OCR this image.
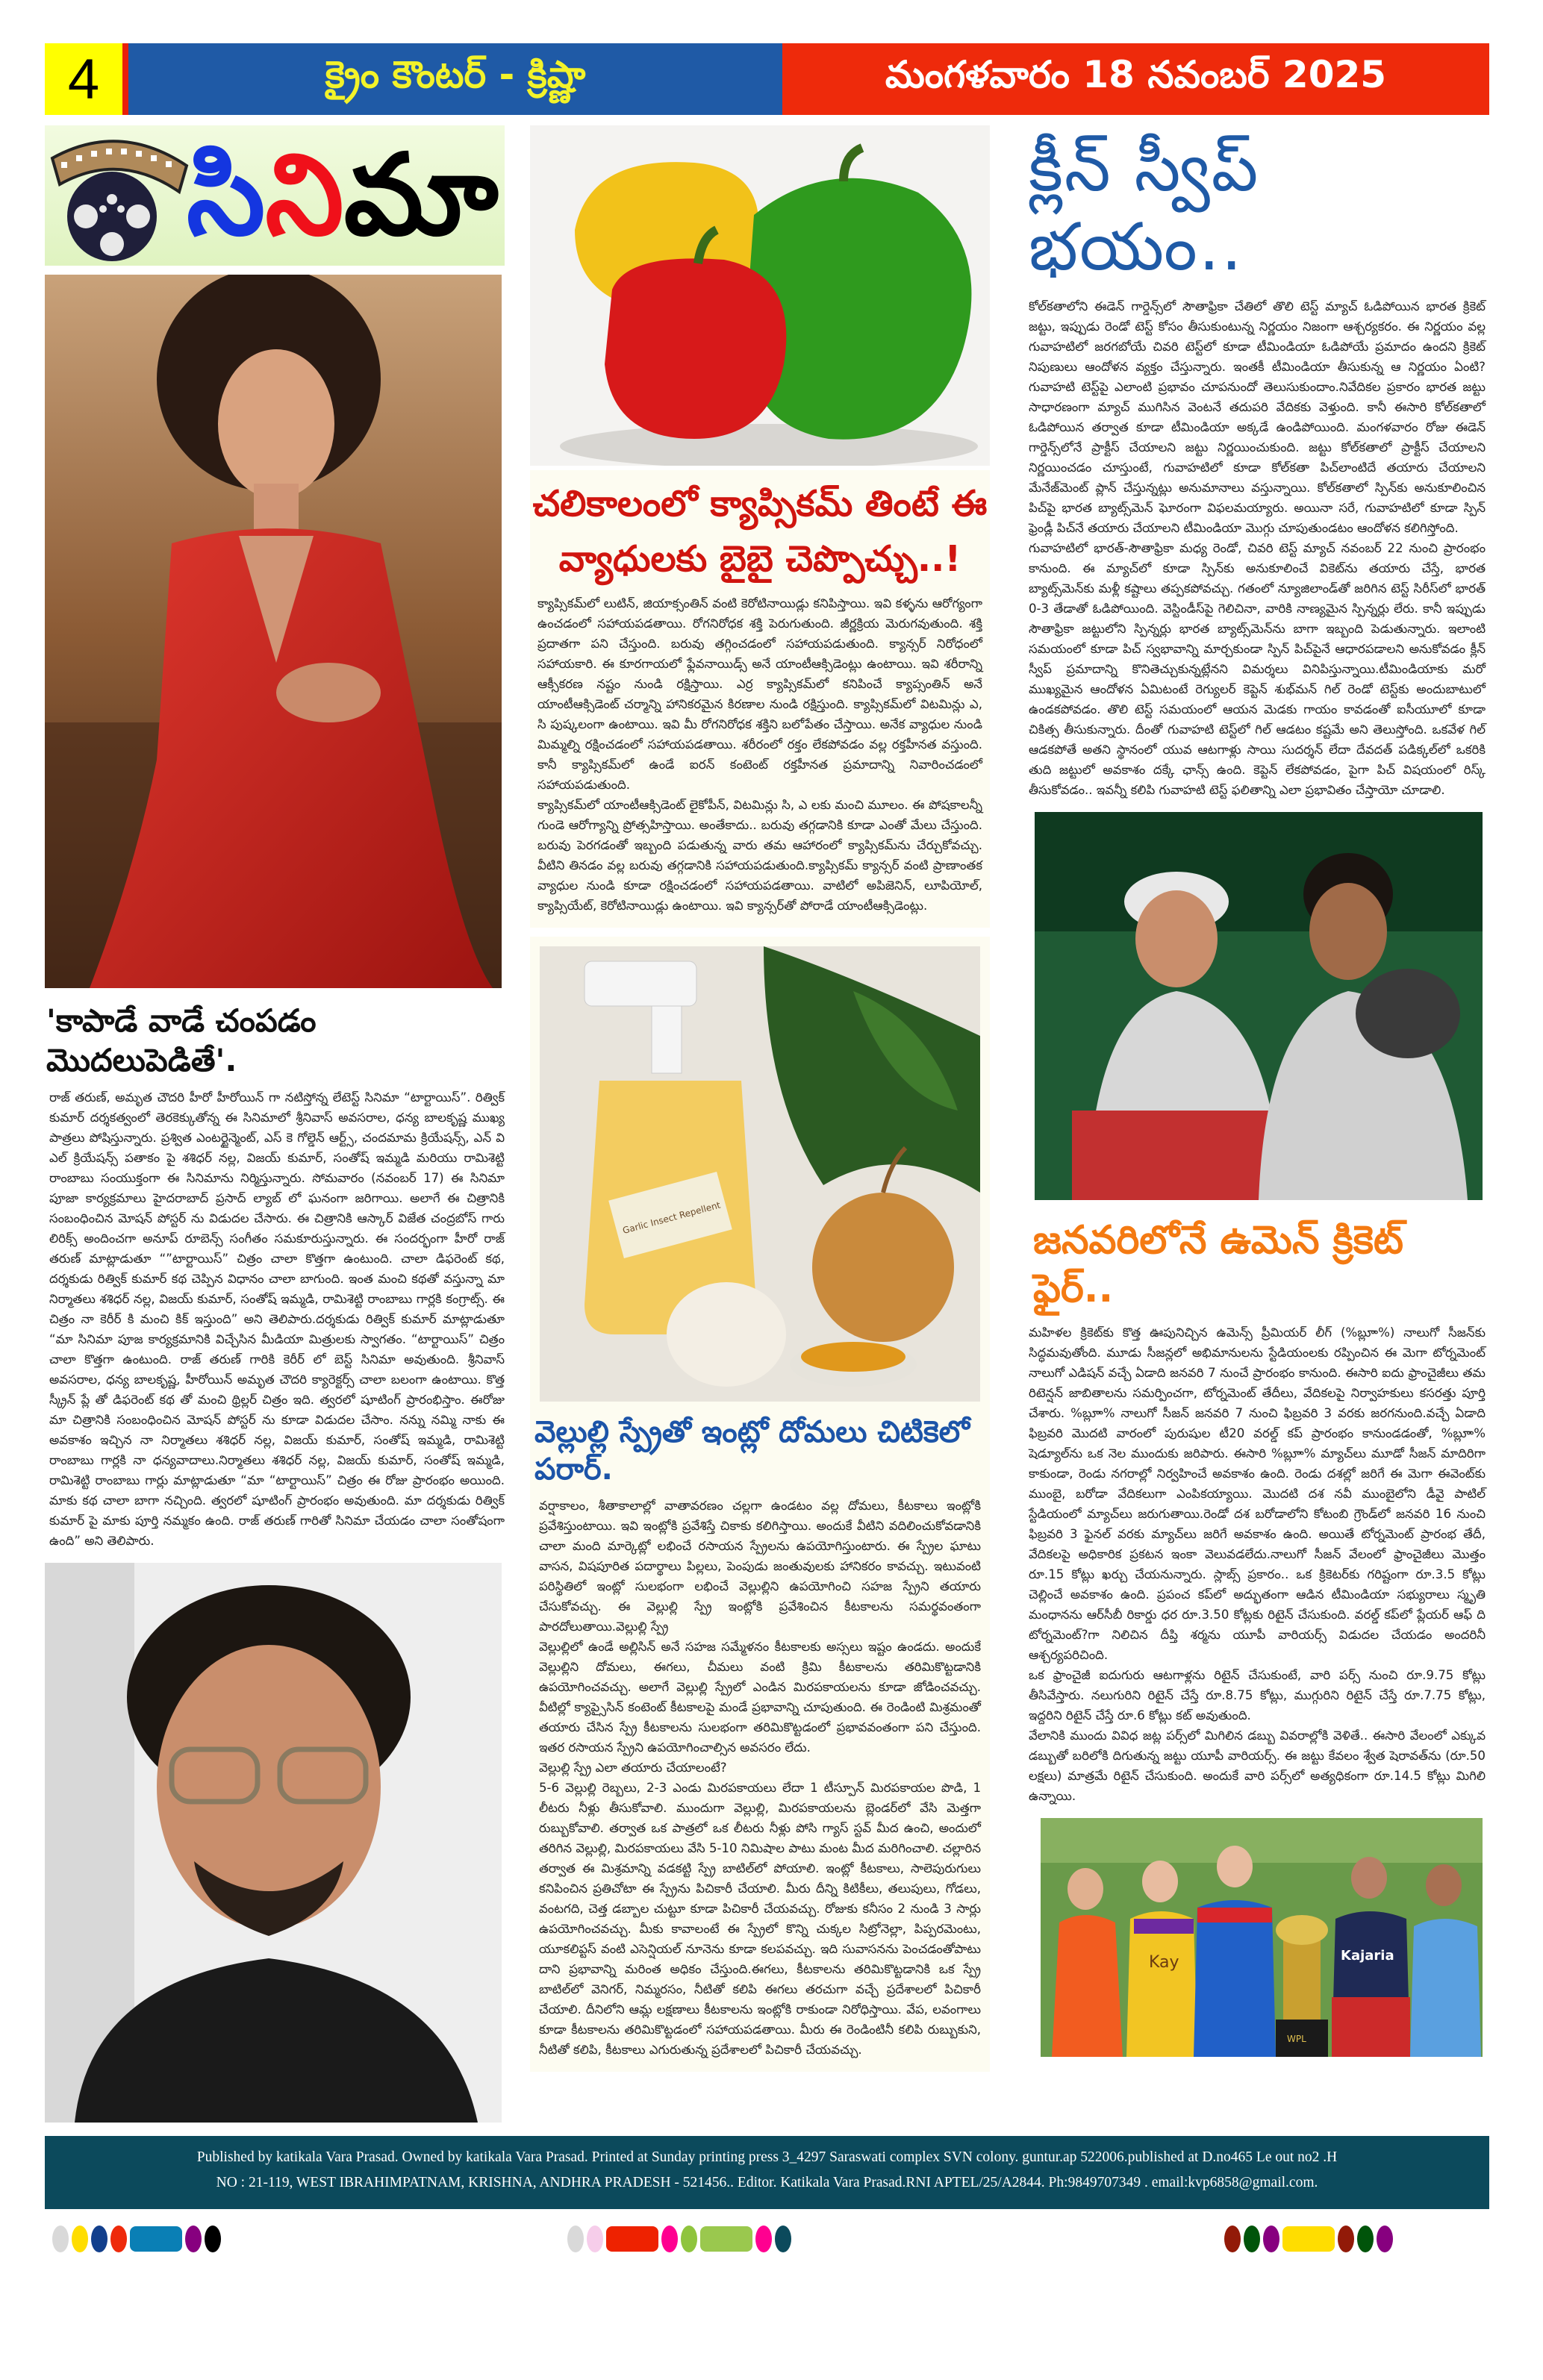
4	క్రైం కౌంటర్ - క్రిష్ణా	మంగళవారం 18 నవంబర్ 2025
సి ని మా
'కాపాడే వాడే చంపడం మొదలుపెడితే'.

రాజ్ తరుణ్, అమృత చౌదరి హీరో హీరోయిన్ గా నటిస్తోన్న లేటెస్ట్ సినిమా “టార్టాయిస్”. రిత్విక్ కుమార్ దర్శకత్వంలో తెరకెక్కుతోన్న ఈ సినిమాలో శ్రీనివాస్ అవసరాల, ధన్య బాలకృష్ణ ముఖ్య పాత్రలు పోషిస్తున్నారు. ప్రశ్విత ఎంటర్టైన్మెంట్, ఎస్ కె గోల్డెన్ ఆర్ట్స్, చందమామ క్రియేషన్స్, ఎన్ వి ఎల్ క్రియేషన్స్ పతాకం పై శశిధర్ నల్ల, విజయ్ కుమార్, సంతోష్ ఇమ్మడి మరియు రామిశెట్టి రాంబాబు సంయుక్తంగా ఈ సినిమాను నిర్మిస్తున్నారు. సోమవారం (నవంబర్ 17) ఈ సినిమా పూజా కార్యక్రమాలు హైదరాబాద్ ప్రసాద్ ల్యాబ్ లో ఘనంగా జరిగాయి. అలాగే ఈ చిత్రానికి సంబంధించిన మోషన్ పోస్టర్ ను విడుదల చేసారు. ఈ చిత్రానికి ఆస్కార్ విజేత చంద్రబోస్ గారు లిరిక్స్ అందించగా అనూప్ రూబెన్స్ సంగీతం సమకూరుస్తున్నారు. ఈ సందర్భంగా హీరో రాజ్ తరుణ్ మాట్లాడుతూ “”టార్టాయిస్” చిత్రం చాలా కొత్తగా ఉంటుంది. చాలా డిఫరెంట్ కథ, దర్శకుడు రిత్విక్ కుమార్ కథ చెప్పిన విధానం చాలా బాగుంది. ఇంత మంచి కథతో వస్తున్నా మా నిర్మాతలు శశిధర్ నల్ల, విజయ్ కుమార్, సంతోష్ ఇమ్మడి, రామిశెట్టి రాంబాబు గార్లకి కంగ్రాట్స్. ఈ చిత్రం నా కెరీర్ కి మంచి కిక్ ఇస్తుంది” అని తెలిపారు.దర్శకుడు రిత్విక్ కుమార్ మాట్లాడుతూ “మా సినిమా పూజ కార్యక్రమానికి విచ్చేసిన మీడియా మిత్రులకు స్వాగతం. “టార్టాయిస్” చిత్రం చాలా కొత్తగా ఉంటుంది. రాజ్ తరుణ్ గారికి కెరీర్ లో బెస్ట్ సినిమా అవుతుంది. శ్రీనివాస్ అవసరాల, ధన్య బాలకృష్ణ, హీరోయిన్ అమృత చౌదరి క్యారెక్టర్స్ చాలా బలంగా ఉంటాయి. కొత్త స్క్రీన్ ప్లే తో డిఫరెంట్ కథ తో మంచి థ్రిల్లర్ చిత్రం ఇది. త్వరలో షూటింగ్ ప్రారంభిస్తాం. ఈరోజు మా చిత్రానికి సంబంధించిన మోషన్ పోస్టర్ ను కూడా విడుదల చేసాం. నన్ను నమ్మి నాకు ఈ అవకాశం ఇచ్చిన నా నిర్మాతలు శశిధర్ నల్ల, విజయ్ కుమార్, సంతోష్ ఇమ్మడి, రామిశెట్టి రాంబాబు గార్లకి నా ధన్యవాదాలు.నిర్మాతలు శశిధర్ నల్ల, విజయ్ కుమార్, సంతోష్ ఇమ్మడి, రామిశెట్టి రాంబాబు గార్లు మాట్లాడుతూ “మా “టార్టాయిస్” చిత్రం ఈ రోజు ప్రారంభం అయింది. మాకు కథ చాలా బాగా నచ్చింది. త్వరలో షూటింగ్ ప్రారంభం అవుతుంది. మా దర్శకుడు రిత్విక్ కుమార్ పై మాకు పూర్తి నమ్మకం ఉంది. రాజ్ తరుణ్ గారితో సినిమా చేయడం చాలా సంతోషంగా ఉంది” అని తెలిపారు.

చలికాలంలో క్యాప్సికమ్ తింటే ఈ
వ్యాధులకు బైబై చెప్పొచ్చు..!

క్యాప్సికమ్‌లో లుటిన్, జియాక్సంతిన్ వంటి కెరోటినాయిడ్లు కనిపిస్తాయి. ఇవి కళ్ళను ఆరోగ్యంగా ఉంచడంలో సహాయపడతాయి. రోగనిరోధక శక్తి పెరుగుతుంది. జీర్ణక్రియ మెరుగవుతుంది. శక్తి ప్రదాతగా పని చేస్తుంది. బరువు తగ్గించడంలో సహాయపడుతుంది. క్యాన్సర్ నిరోధంలో సహాయకారి. ఈ కూరగాయలో ఫ్లేవనాయిడ్స్ అనే యాంటీఆక్సిడెంట్లు ఉంటాయి. ఇవి శరీరాన్ని ఆక్సీకరణ నష్టం నుండి రక్షిస్తాయి. ఎర్ర క్యాప్సికమ్‌లో కనిపించే క్యాప్సంతిన్ అనే యాంటీఆక్సిడెంట్ చర్మాన్ని హానికరమైన కిరణాల నుండి రక్షిస్తుంది. క్యాప్సికమ్‌లో విటమిన్లు ఎ, సి పుష్కలంగా ఉంటాయి. ఇవి మీ రోగనిరోధక శక్తిని బలోపేతం చేస్తాయి. అనేక వ్యాధుల నుండి మిమ్మల్ని రక్షించడంలో సహాయపడతాయి. శరీరంలో రక్తం లేకపోవడం వల్ల రక్తహీనత వస్తుంది. కానీ క్యాప్సికమ్‌లో ఉండే ఐరన్ కంటెంట్ రక్తహీనత ప్రమాదాన్ని నివారించడంలో సహాయపడుతుంది.

క్యాప్సికమ్‌లో యాంటీఆక్సిడెంట్ లైకోపీన్, విటమిన్లు సి, ఎ లకు మంచి మూలం. ఈ పోషకాలన్నీ గుండె ఆరోగ్యాన్ని ప్రోత్సహిస్తాయి. అంతేకాదు.. బరువు తగ్గడానికి కూడా ఎంతో మేలు చేస్తుంది. బరువు పెరగడంతో ఇబ్బంది పడుతున్న వారు తమ ఆహారంలో క్యాప్సికమ్‌ను చేర్చుకోవచ్చు. వీటిని తినడం వల్ల బరువు తగ్గడానికి సహాయపడుతుంది.క్యాప్సికమ్ క్యాన్సర్ వంటి ప్రాణాంతక వ్యాధుల నుండి కూడా రక్షించడంలో సహాయపడతాయి. వాటిలో అపిజెనిన్, లూపియోల్, క్యాప్సియేట్, కెరోటినాయిడ్లు ఉంటాయి. ఇవి క్యాన్సర్‌తో పోరాడే యాంటీఆక్సిడెంట్లు.

Garlic Insect Repellent
వెల్లుల్లి స్ప్రేతో ఇంట్లో దోమలు చిటికెలో పరార్.

వర్షాకాలం, శీతాకాలాల్లో వాతావరణం చల్లగా ఉండటం వల్ల దోమలు, కీటకాలు ఇంట్లోకి ప్రవేశిస్తుంటాయి. ఇవి ఇంట్లోకి ప్రవేశిస్తే చికాకు కలిగిస్తాయి. అందుకే వీటిని వదిలించుకోవడానికి చాలా మంది మార్కెట్లో లభించే రసాయన స్ప్రేలను ఉపయోగిస్తుంటారు. ఈ స్ప్రేల ఘాటు వాసన, విషపూరిత పదార్థాలు పిల్లలు, పెంపుడు జంతువులకు హానికరం కావచ్చు. ఇటువంటి పరిస్థితిలో ఇంట్లో సులభంగా లభించే వెల్లుల్లిని ఉపయోగించి సహజ స్ప్రేని తయారు చేసుకోవచ్చు. ఈ వెల్లుల్లి స్ప్రే ఇంట్లోకి ప్రవేశించిన కీటకాలను సమర్థవంతంగా పారదోలుతాయి.వెల్లుల్లి స్ప్రే

వెల్లుల్లిలో ఉండే అల్లిసిన్ అనే సహజ సమ్మేళనం కీటకాలకు అస్సలు ఇష్టం ఉండదు. అందుకే వెల్లుల్లిని దోమలు, ఈగలు, చీమలు వంటి క్రిమి కీటకాలను తరిమికొట్టడానికి ఉపయోగించవచ్చు. అలాగే వెల్లుల్లి స్ప్రేలో ఎండిన మిరపకాయలను కూడా జోడించవచ్చు. వీటిల్లో క్యాప్సైసిన్ కంటెంట్ కీటకాలపై మండే ప్రభావాన్ని చూపుతుంది. ఈ రెండింటి మిశ్రమంతో తయారు చేసిన స్ప్రే కీటకాలను సులభంగా తరిమికొట్టడంలో ప్రభావవంతంగా పని చేస్తుంది. ఇతర రసాయన స్ప్రేని ఉపయోగించాల్సిన అవసరం లేదు.

వెల్లుల్లి స్ప్రే ఎలా తయారు చేయాలంటే?

5-6 వెల్లుల్లి రెబ్బలు, 2-3 ఎండు మిరపకాయలు లేదా 1 టీస్పూన్ మిరపకాయల పొడి, 1 లీటరు నీళ్లు తీసుకోవాలి. ముందుగా వెల్లుల్లి, మిరపకాయలను బ్లెండర్‌లో వేసి మెత్తగా రుబ్బుకోవాలి. తర్వాత ఒక పాత్రలో ఒక లీటరు నీళ్లు పోసి గ్యాస్ స్టవ్ మీద ఉంచి, అందులో తరిగిన వెల్లుల్లి, మిరపకాయలు వేసి 5-10 నిమిషాల పాటు మంట మీద మరిగించాలి. చల్లారిన తర్వాత ఈ మిశ్రమాన్ని వడకట్టి స్ప్రే బాటిల్‌లో పోయాలి. ఇంట్లో కీటకాలు, సాలెపురుగులు కనిపించిన ప్రతిచోటా ఈ స్ప్రేను పిచికారీ చేయాలి. మీరు దీన్ని కిటికీలు, తలుపులు, గోడలు, వంటగది, చెత్త డబ్బాల చుట్టూ కూడా పిచికారీ చేయవచ్చు. రోజుకు కనీసం 2 నుండి 3 సార్లు ఉపయోగించవచ్చు. మీకు కావాలంటే ఈ స్ప్రేలో కొన్ని చుక్కల సిట్రోనెల్లా, పిప్పరమెంటు, యూకలిప్టస్ వంటి ఎసెన్షియల్ నూనెను కూడా కలపవచ్చు. ఇది సువాసనను పెంచడంతోపాటు దాని ప్రభావాన్ని మరింత అధికం చేస్తుంది.ఈగలు, కీటకాలను తరిమికొట్టడానికి ఒక స్ప్రే బాటిల్‌లో వెనిగర్, నిమ్మరసం, నీటితో కలిపి ఈగలు తరచుగా వచ్చే ప్రదేశాలలో పిచికారీ చేయాలి. దీనిలోని ఆమ్ల లక్షణాలు కీటకాలను ఇంట్లోకి రాకుండా నిరోధిస్తాయి. వేప, లవంగాలు కూడా కీటకాలను తరిమికొట్టడంలో సహాయపడతాయి. మీరు ఈ రెండింటినీ కలిపి రుబ్బుకుని, నీటితో కలిపి, కీటకాలు ఎగురుతున్న ప్రదేశాలలో పిచికారీ చేయవచ్చు.

క్లీన్ స్వీప్ భయం..

కోల్‌కతాలోని ఈడెన్ గార్డెన్స్‌లో సౌతాఫ్రికా చేతిలో తొలి టెస్ట్ మ్యాచ్ ఓడిపోయిన భారత క్రికెట్ జట్టు, ఇప్పుడు రెండో టెస్ట్ కోసం తీసుకుంటున్న నిర్ణయం నిజంగా ఆశ్చర్యకరం. ఈ నిర్ణయం వల్ల గువాహటిలో జరగబోయే చివరి టెస్ట్‌లో కూడా టీమిండియా ఓడిపోయే ప్రమాదం ఉందని క్రికెట్ నిపుణులు ఆందోళన వ్యక్తం చేస్తున్నారు. ఇంతకీ టీమిండియా తీసుకున్న ఆ నిర్ణయం ఏంటి? గువాహటి టెస్ట్‌పై ఎలాంటి ప్రభావం చూపనుందో తెలుసుకుందాం.నివేదికల ప్రకారం భారత జట్టు సాధారణంగా మ్యాచ్ ముగిసిన వెంటనే తదుపరి వేదికకు వెళ్తుంది. కానీ ఈసారి కోల్‌కతాలో ఓడిపోయిన తర్వాత కూడా టీమిండియా అక్కడే ఉండిపోయింది. మంగళవారం రోజు ఈడెన్ గార్డెన్స్‌లోనే ప్రాక్టీస్ చేయాలని జట్టు నిర్ణయించుకుంది. జట్టు కోల్‌కతాలో ప్రాక్టీస్ చేయాలని నిర్ణయించడం చూస్తుంటే, గువాహటిలో కూడా కోల్‌కతా పిచ్‌లాంటిదే తయారు చేయాలని మేనేజ్‌మెంట్ ప్లాన్ చేస్తున్నట్లు అనుమానాలు వస్తున్నాయి. కోల్‌కతాలో స్పిన్‌కు అనుకూలించిన పిచ్‌పై భారత బ్యాట్స్‌మెన్ ఘోరంగా విఫలమయ్యారు. అయినా సరే, గువాహటిలో కూడా స్పిన్ ఫ్రెండ్లీ పిచ్‌నే తయారు చేయాలని టీమిండియా మొగ్గు చూపుతుండటం ఆందోళన కలిగిస్తోంది.

గువాహటిలో భారత్-సౌతాఫ్రికా మధ్య రెండో, చివరి టెస్ట్ మ్యాచ్ నవంబర్ 22 నుంచి ప్రారంభం కానుంది. ఈ మ్యాచ్‌లో కూడా స్పిన్‌కు అనుకూలించే వికెట్‌ను తయారు చేస్తే, భారత బ్యాట్స్‌మెన్‌కు మళ్లీ కష్టాలు తప్పకపోవచ్చు. గతంలో న్యూజిలాండ్‌తో జరిగిన టెస్ట్ సిరీస్‌లో భారత్ 0-3 తేడాతో ఓడిపోయింది. వెస్టిండీస్‌పై గెలిచినా, వారికి నాణ్యమైన స్పిన్నర్లు లేరు. కానీ ఇప్పుడు సౌతాఫ్రికా జట్టులోని స్పిన్నర్లు భారత బ్యాట్స్‌మెన్‌ను బాగా ఇబ్బంది పెడుతున్నారు. ఇలాంటి సమయంలో కూడా పిచ్ స్వభావాన్ని మార్చకుండా స్పిన్ పిచ్‌పైనే ఆధారపడాలని అనుకోవడం క్లీన్ స్వీప్ ప్రమాదాన్ని కొనితెచ్చుకున్నట్లేనని విమర్శలు వినిపిస్తున్నాయి.టీమిండియాకు మరో ముఖ్యమైన ఆందోళన ఏమిటంటే రెగ్యులర్ కెప్టెన్ శుభ్‌మన్ గిల్ రెండో టెస్ట్‌కు అందుబాటులో ఉండకపోవడం. తొలి టెస్ట్ సమయంలో ఆయన మెడకు గాయం కావడంతో ఐసీయూలో కూడా చికిత్స తీసుకున్నారు. దీంతో గువాహటి టెస్ట్‌లో గిల్ ఆడటం కష్టమే అని తెలుస్తోంది. ఒకవేళ గిల్ ఆడకపోతే అతని స్థానంలో యువ ఆటగాళ్లు సాయి సుదర్శన్ లేదా దేవదత్ పడిక్కల్‌లో ఒకరికి తుది జట్టులో అవకాశం దక్కే ఛాన్స్ ఉంది. కెప్టెన్ లేకపోవడం, పైగా పిచ్ విషయంలో రిస్క్ తీసుకోవడం.. ఇవన్నీ కలిపి గువాహటి టెస్ట్ ఫలితాన్ని ఎలా ప్రభావితం చేస్తాయో చూడాలి.

జనవరిలోనే ఉమెన్ క్రికెట్ ఫైర్..

మహిళల క్రికెట్‌కు కొత్త ఊపునిచ్చిన ఉమెన్స్ ప్రీమియర్ లీగ్ (%బ్లూా%) నాలుగో సీజన్‌కు సిద్ధమవుతోంది. మూడు సీజన్లలో అభిమానులను స్టేడియంలకు రప్పించిన ఈ మెగా టోర్నమెంట్ నాలుగో ఎడిషన్ వచ్చే ఏడాది జనవరి 7 నుంచే ప్రారంభం కానుంది. ఈసారి ఐదు ఫ్రాంచైజీలు తమ రిటెన్షన్ జాబితాలను సమర్పించగా, టోర్నమెంట్ తేదీలు, వేదికలపై నిర్వాహకులు కసరత్తు పూర్తి చేశారు. %బ్లూా% నాలుగో సీజన్ జనవరి 7 నుంచి ఫిబ్రవరి 3 వరకు జరగనుంది.వచ్చే ఏడాది ఫిబ్రవరి మొదటి వారంలో పురుషుల టీ20 వరల్డ్ కప్ ప్రారంభం కానుండడంతో, %బ్లూా% షెడ్యూల్‌ను ఒక నెల ముందుకు జరిపారు. ఈసారి %బ్లూా% మ్యాచ్‌లు మూడో సీజన్ మాదిరిగా కాకుండా, రెండు నగరాల్లో నిర్వహించే అవకాశం ఉంది. రెండు దశల్లో జరిగే ఈ మెగా ఈవెంట్‌కు ముంబై, బరోడా వేదికలుగా ఎంపికయ్యాయి. మొదటి దశ నవీ ముంబైలోని డీవై పాటిల్ స్టేడియంలో మ్యాచ్‌లు జరుగుతాయి.రెండో దశ బరోడాలోని కోటంబి గ్రౌండ్‌లో జనవరి 16 నుంచి ఫిబ్రవరి 3 ఫైనల్ వరకు మ్యాచ్‌లు జరిగే అవకాశం ఉంది. అయితే టోర్నమెంట్ ప్రారంభ తేదీ, వేదికలపై అధికారిక ప్రకటన ఇంకా వెలువడలేదు.నాలుగో సీజన్ వేలంలో ఫ్రాంచైజీలు మొత్తం రూ.15 కోట్లు ఖర్చు చేయనున్నారు. స్లాబ్స్ ప్రకారం.. ఒక క్రికెటర్‌కు గరిష్టంగా రూ.3.5 కోట్లు చెల్లించే అవకాశం ఉంది. ప్రపంచ కప్‌లో అద్భుతంగా ఆడిన టీమిండియా సభ్యురాలు స్మృతి మంధానను ఆర్‌సీబీ రికార్డు ధర రూ.3.50 కోట్లకు రిటైన్ చేసుకుంది. వరల్డ్ కప్‌లో ప్లేయర్ ఆఫ్ ది టోర్నమెంట్?గా నిలిచిన దీప్తి శర్మను యూపీ వారియర్స్ విడుదల చేయడం అందరినీ ఆశ్చర్యపరిచింది.

ఒక ఫ్రాంచైజీ ఐదుగురు ఆటగాళ్లను రిటైన్ చేసుకుంటే, వారి పర్స్ నుంచి రూ.9.75 కోట్లు తీసివేస్తారు. నలుగురిని రిటైన్ చేస్తే రూ.8.75 కోట్లు, ముగ్గురిని రిటైన్ చేస్తే రూ.7.75 కోట్లు, ఇద్దరిని రిటైన్ చేస్తే రూ.6 కోట్లు కట్ అవుతుంది.

వేలానికి ముందు వివిధ జట్ల పర్స్‌లో మిగిలిన డబ్బు వివరాల్లోకి వెళితే.. ఈసారి వేలంలో ఎక్కువ డబ్బుతో బరిలోకి దిగుతున్న జట్టు యూపీ వారియర్స్. ఈ జట్టు కేవలం శ్వేత షెరావత్‌ను (రూ.50 లక్షలు) మాత్రమే రిటైన్ చేసుకుంది. అందుకే వారి పర్స్‌లో అత్యధికంగా రూ.14.5 కోట్లు మిగిలి ఉన్నాయి.

Kay
WPL
Kajaria
Published by katikala Vara Prasad. Owned by katikala Vara Prasad. Printed at Sunday printing press 3_4297 Saraswati complex SVN colony. guntur.ap 522006.published at D.no465 Le out no2 .H
NO : 21-119, WEST IBRAHIMPATNAM, KRISHNA, ANDHRA PRADESH - 521456.. Editor. Katikala Vara Prasad.RNI APTEL/25/A2844. Ph:9849707349 . email:kvp6858@gmail.com.
